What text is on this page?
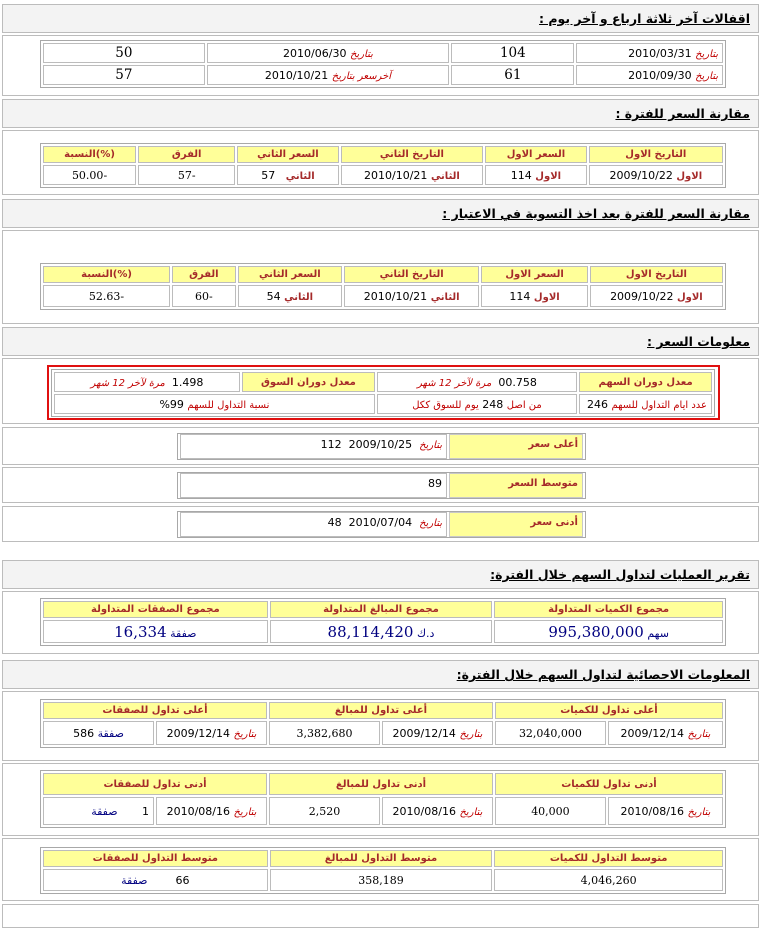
اقفالات آخر ثلاثة ارباع و آخر يوم :
بتاريخ 2010/03/31	104	بتاريخ 2010/06/30	50
بتاريخ 2010/09/30	61	آخرسعر بتاريخ 2010/10/21	57
مقارنة السعر للفترة :
التاريخ الاول	السعر الاول	التاريخ الثاني	السعر الثاني	الفرق	(%)النسبة
الاول 2009/10/22	الاول 114	الثاني 2010/10/21	الثاني   57	-57	-50.00
مقارنة السعر للفترة بعد اخذ التسوية في الاعتبار :
التاريخ الاول	السعر الاول	التاريخ الثاني	السعر الثاني	الفرق	(%)النسبة
الاول 2009/10/22	الاول 114	الثاني 2010/10/21	الثاني 54	-60	-52.63
معلومات السعر :
معدل دوران السهم	00.758  مرة لآخر 12 شهر	معدل دوران السوق	1.498  مرة لآخر 12 شهر
عدد ايام التداول للسهم 246	من اصل 248 يوم للسوق ككل	نسبة التداول للسهم 99%	
أعلى سعر
بتاريخ  2009/10/25  112
متوسط السعر
89
أدنى سعر
بتاريخ  2010/07/04  48
تقرير العمليات لتداول السهم خلال الفترة:
مجموع الكميات المتداولة	مجموع المبالغ المتداولة	مجموع الصفقات المتداولة
سهم 995,380,000	د.ك 88,114,420	صفقة 16,334
المعلومات الاحصائية لتداول السهم خلال الفترة:
أعلى تداول للكميات		أعلى تداول للمبالغ		أعلى تداول للصفقات	
بتاريخ 2009/12/14	32,040,000	بتاريخ 2009/12/14	3,382,680	بتاريخ 2009/12/14	صفقة 586
أدنى تداول للكميات		أدنى تداول للمبالغ		أدنى تداول للصفقات	
بتاريخ 2010/08/16	40,000	بتاريخ 2010/08/16	2,520	بتاريخ 2010/08/16	1       صفقة
متوسط التداول للكميات	متوسط التداول للمبالغ	متوسط التداول للصفقات
4,046,260	358,189	66        صفقة
